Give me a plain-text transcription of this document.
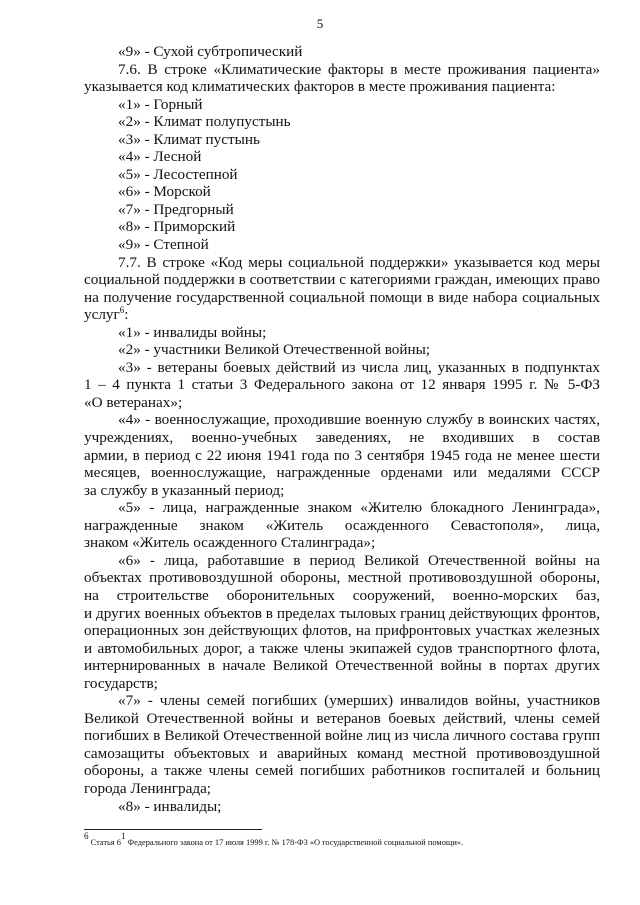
5
«9» - Сухой субтропический
7.6. В строке «Климатические факторы в месте проживания пациента»
указывается код климатических факторов в месте проживания пациента:
«1» - Горный
«2» - Климат полупустынь
«3» - Климат пустынь
«4» - Лесной
«5» - Лесостепной
«6» - Морской
«7» - Предгорный
«8» - Приморский
«9» - Степной
7.7. В строке «Код меры социальной поддержки» указывается код меры
социальной поддержки в соответствии с категориями граждан, имеющих право
на получение государственной социальной помощи в виде набора социальных
услуг$^6$:
«1» - инвалиды войны;
«2» - участники Великой Отечественной войны;
«3» - ветераны боевых действий из числа лиц, указанных в подпунктах
1 – 4 пункта 1 статьи 3 Федерального закона от 12 января 1995 г. № 5-ФЗ
«О ветеранах»;
«4» - военнослужащие, проходившие военную службу в воинских частях,
учреждениях, военно-учебных заведениях, не входивших в состав
армии, в период с 22 июня 1941 года по 3 сентября 1945 года не менее шести
месяцев, военнослужащие, награжденные орденами или медалями СССР
за службу в указанный период;
«5» - лица, награжденные знаком «Жителю блокадного Ленинграда»,
награжденные знаком «Житель осажденного Севастополя», лица,
знаком «Житель осажденного Сталинграда»;
«6» - лица, работавшие в период Великой Отечественной войны на
объектах противовоздушной обороны, местной противовоздушной обороны,
на строительстве оборонительных сооружений, военно-морских баз,
и других военных объектов в пределах тыловых границ действующих фронтов,
операционных зон действующих флотов, на прифронтовых участках железных
и автомобильных дорог, а также члены экипажей судов транспортного флота,
интернированных в начале Великой Отечественной войны в портах других
государств;
«7» - члены семей погибших (умерших) инвалидов войны, участников
Великой Отечественной войны и ветеранов боевых действий, члены семей
погибших в Великой Отечественной войне лиц из числа личного состава групп
самозащиты объектовых и аварийных команд местной противовоздушной
обороны, а также члены семей погибших работников госпиталей и больниц
города Ленинграда;
«8» - инвалиды;
$^6$ Статья $6^1$ Федерального закона от 17 июля 1999 г. № 178-ФЗ «О государственной социальной помощи».
